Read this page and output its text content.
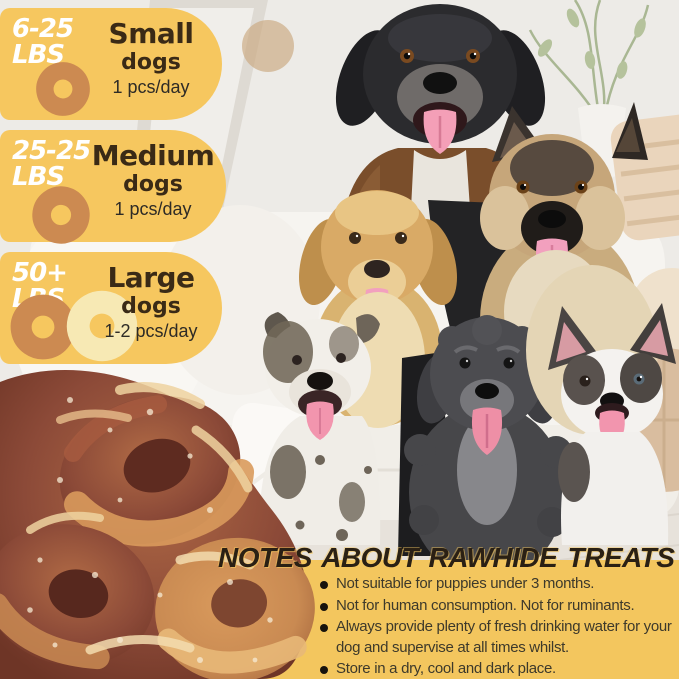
6-25
LBS
Small
dogs
1 pcs/day
25-25
LBS
Medium
dogs
1 pcs/day
50+
LBS
Large
dogs
1-2 pcs/day
Not suitable for puppies under 3 months.
Not for human consumption. Not for ruminants.
Always provide plenty of fresh drinking water for your dog and supervise at all times whilst.
Store in a dry, cool and dark place.
NOTES ABOUT RAWHIDE TREATS
